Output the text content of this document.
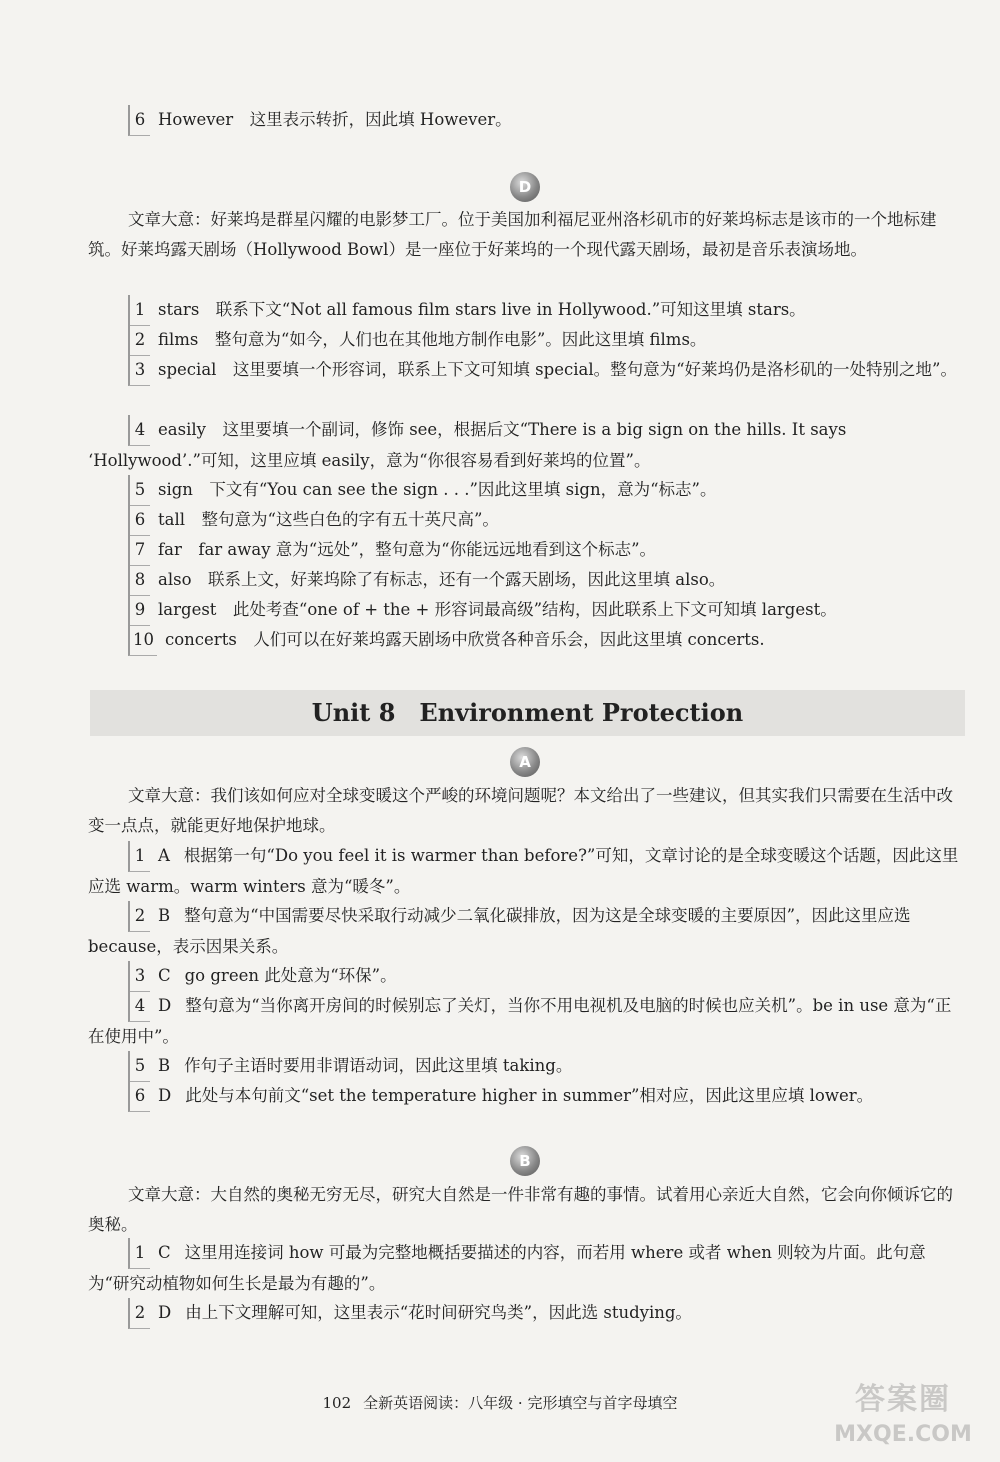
6 However　这里表示转折，因此填 However。
D
文章大意：好莱坞是群星闪耀的电影梦工厂。位于美国加利福尼亚州洛杉矶市的好莱坞标志是该市的一个地标建筑。好莱坞露天剧场（Hollywood Bowl）是一座位于好莱坞的一个现代露天剧场，最初是音乐表演场地。
1 stars　联系下文“Not all famous film stars live in Hollywood.”可知这里填 stars。
2 films　整句意为“如今，人们也在其他地方制作电影”。因此这里填 films。
3 special　这里要填一个形容词，联系上下文可知填 special。整句意为“好莱坞仍是洛杉矶的一处特别之地”。
4 easily　这里要填一个副词，修饰 see，根据后文“There is a big sign on the hills. It says ‘Hollywood’.”可知，这里应填 easily，意为“你很容易看到好莱坞的位置”。
5 sign　下文有“You can see the sign . . .”因此这里填 sign，意为“标志”。
6 tall　整句意为“这些白色的字有五十英尺高”。
7 far　far away 意为“远处”，整句意为“你能远远地看到这个标志”。
8 also　联系上文，好莱坞除了有标志，还有一个露天剧场，因此这里填 also。
9 largest　此处考查“one of + the + 形容词最高级”结构，因此联系上下文可知填 largest。
10 concerts　人们可以在好莱坞露天剧场中欣赏各种音乐会，因此这里填 concerts.
Unit 8　Environment Protection
A
文章大意：我们该如何应对全球变暖这个严峻的环境问题呢？本文给出了一些建议，但其实我们只需要在生活中改变一点点，就能更好地保护地球。
1 A 根据第一句“Do you feel it is warmer than before?”可知，文章讨论的是全球变暖这个话题，因此这里应选 warm。warm winters 意为“暖冬”。
2 B 整句意为“中国需要尽快采取行动减少二氧化碳排放，因为这是全球变暖的主要原因”，因此这里应选 because，表示因果关系。
3 C go green 此处意为“环保”。
4 D 整句意为“当你离开房间的时候别忘了关灯，当你不用电视机及电脑的时候也应关机”。be in use 意为“正在使用中”。
5 B 作句子主语时要用非谓语动词，因此这里填 taking。
6 D 此处与本句前文“set the temperature higher in summer”相对应，因此这里应填 lower。
B
文章大意：大自然的奥秘无穷无尽，研究大自然是一件非常有趣的事情。试着用心亲近大自然，它会向你倾诉它的奥秘。
1 C 这里用连接词 how 可最为完整地概括要描述的内容，而若用 where 或者 when 则较为片面。此句意为“研究动植物如何生长是最为有趣的”。
2 D 由上下文理解可知，这里表示“花时间研究鸟类”，因此选 studying。
102 全新英语阅读：八年级 · 完形填空与首字母填空	答案圈
MXQE.COM
